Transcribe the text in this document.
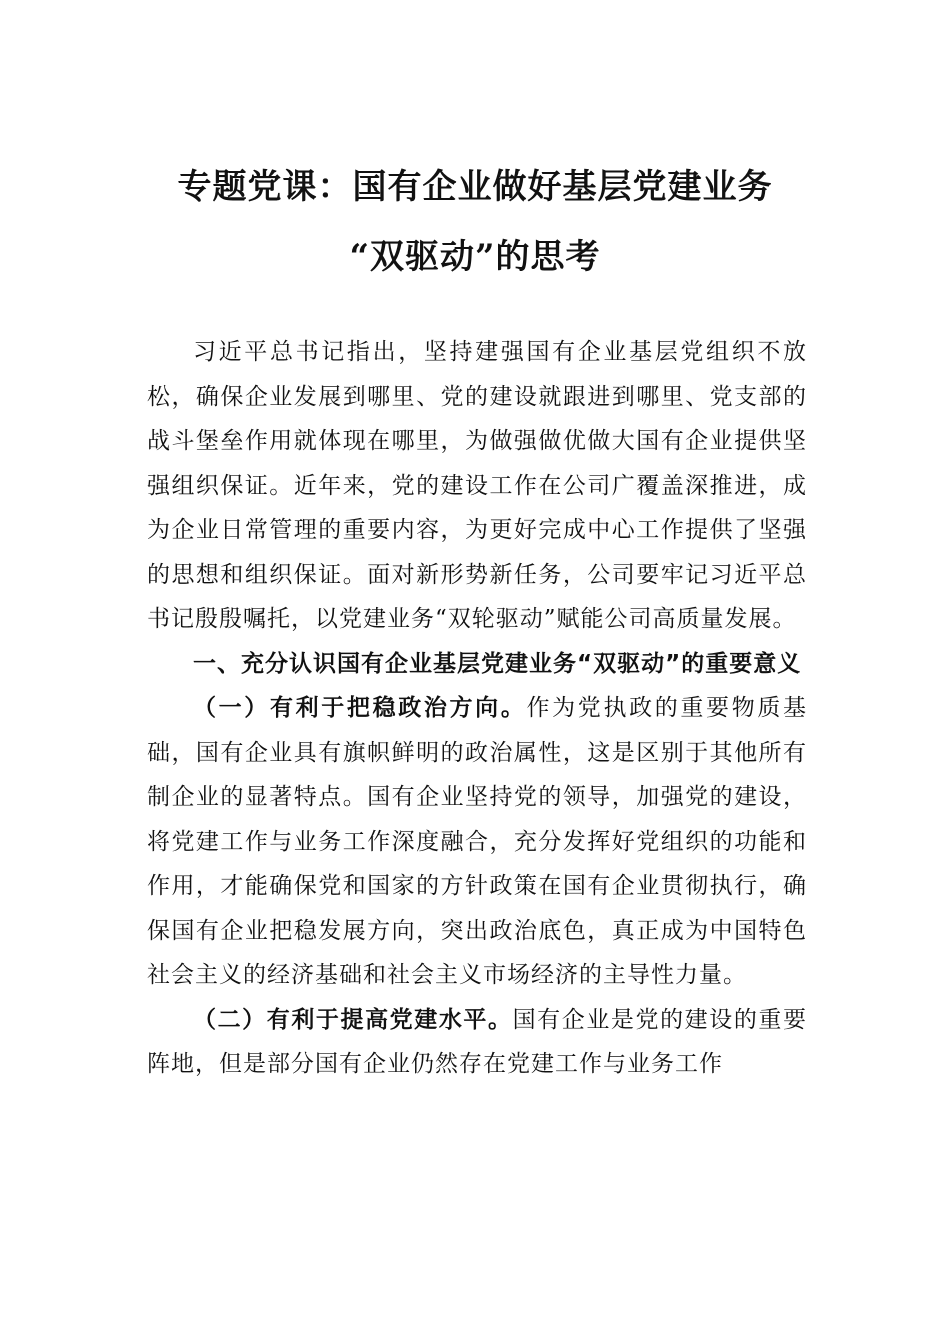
专题党课：国有企业做好基层党建业务
“双驱动”的思考

习近平总书记指出，坚持建强国有企业基层党组织不放松，确保企业发展到哪里、党的建设就跟进到哪里、党支部的战斗堡垒作用就体现在哪里，为做强做优做大国有企业提供坚强组织保证。近年来，党的建设工作在公司广覆盖深推进，成为企业日常管理的重要内容，为更好完成中心工作提供了坚强的思想和组织保证。面对新形势新任务，公司要牢记习近平总书记殷殷嘱托，以党建业务“双轮驱动”赋能公司高质量发展。

一、充分认识国有企业基层党建业务“双驱动”的重要意义

（一）有利于把稳政治方向。作为党执政的重要物质基础，国有企业具有旗帜鲜明的政治属性，这是区别于其他所有制企业的显著特点。国有企业坚持党的领导，加强党的建设，将党建工作与业务工作深度融合，充分发挥好党组织的功能和作用，才能确保党和国家的方针政策在国有企业贯彻执行，确保国有企业把稳发展方向，突出政治底色，真正成为中国特色社会主义的经济基础和社会主义市场经济的主导性力量。

（二）有利于提高党建水平。国有企业是党的建设的重要阵地，但是部分国有企业仍然存在党建工作与业务工作
